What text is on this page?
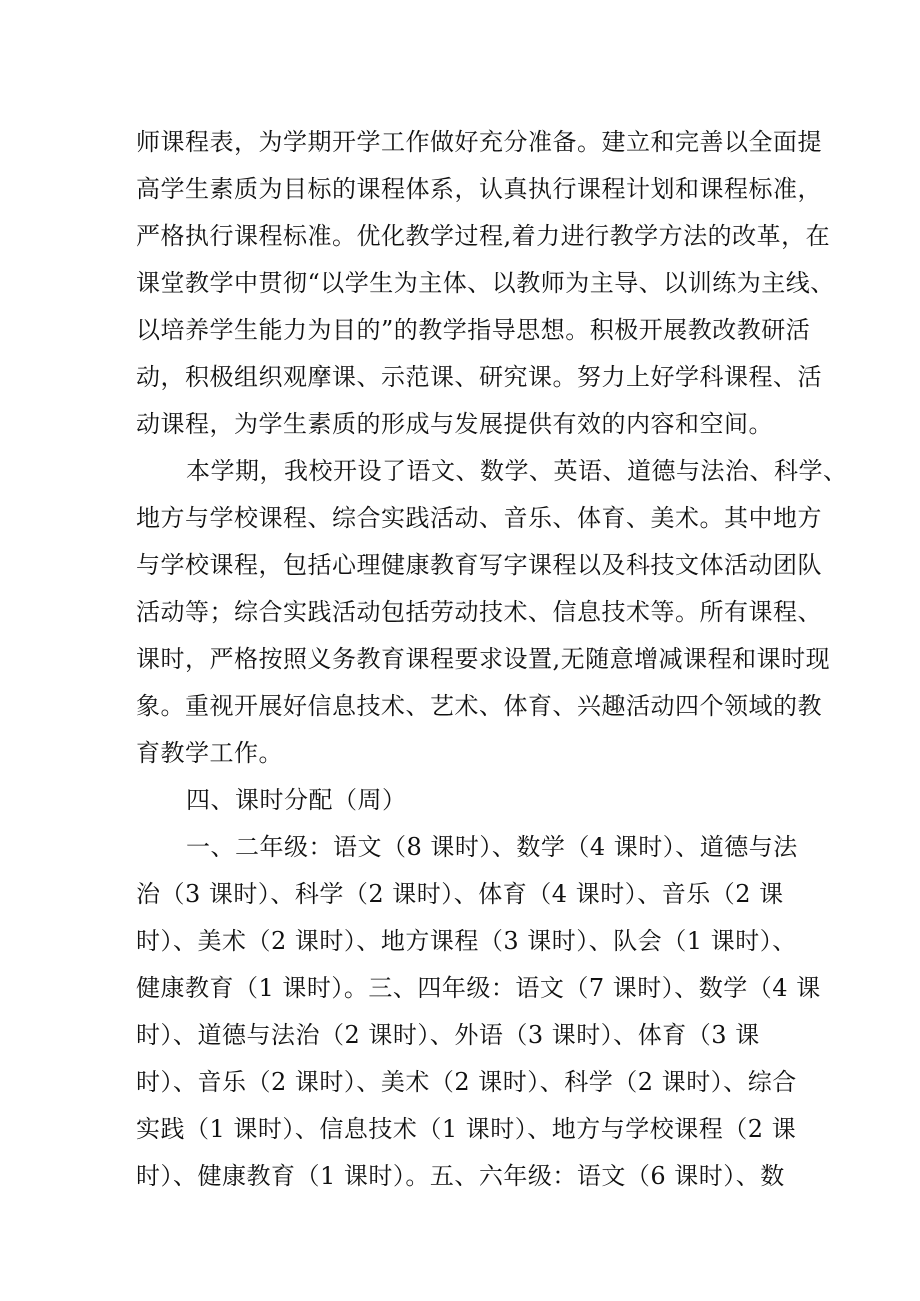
师课程表，为学期开学工作做好充分准备。建立和完善以全面提
高学生素质为目标的课程体系，认真执行课程计划和课程标准，
严格执行课程标准。优化教学过程,着力进行教学方法的改革，在
课堂教学中贯彻“以学生为主体、以教师为主导、以训练为主线、
以培养学生能力为目的”的教学指导思想。积极开展教改教研活
动，积极组织观摩课、示范课、研究课。努力上好学科课程、活
动课程，为学生素质的形成与发展提供有效的内容和空间。
本学期，我校开设了语文、数学、英语、道德与法治、科学、
地方与学校课程、综合实践活动、音乐、体育、美术。其中地方
与学校课程，包括心理健康教育写字课程以及科技文体活动团队
活动等；综合实践活动包括劳动技术、信息技术等。所有课程、
课时，严格按照义务教育课程要求设置,无随意增减课程和课时现
象。重视开展好信息技术、艺术、体育、兴趣活动四个领域的教
育教学工作。
四、课时分配（周）
一、二年级：语文（8 课时）、数学（4 课时）、道德与法
治（3 课时）、科学（2 课时）、体育（4 课时）、音乐（2 课
时）、美术（2 课时）、地方课程（3 课时）、队会（1 课时）、
健康教育（1 课时）。三、四年级：语文（7 课时）、数学（4 课
时）、道德与法治（2 课时）、外语（3 课时）、体育（3 课
时）、音乐（2 课时）、美术（2 课时）、科学（2 课时）、综合
实践（1 课时）、信息技术（1 课时）、地方与学校课程（2 课
时）、健康教育（1 课时）。五、六年级：语文（6 课时）、数
